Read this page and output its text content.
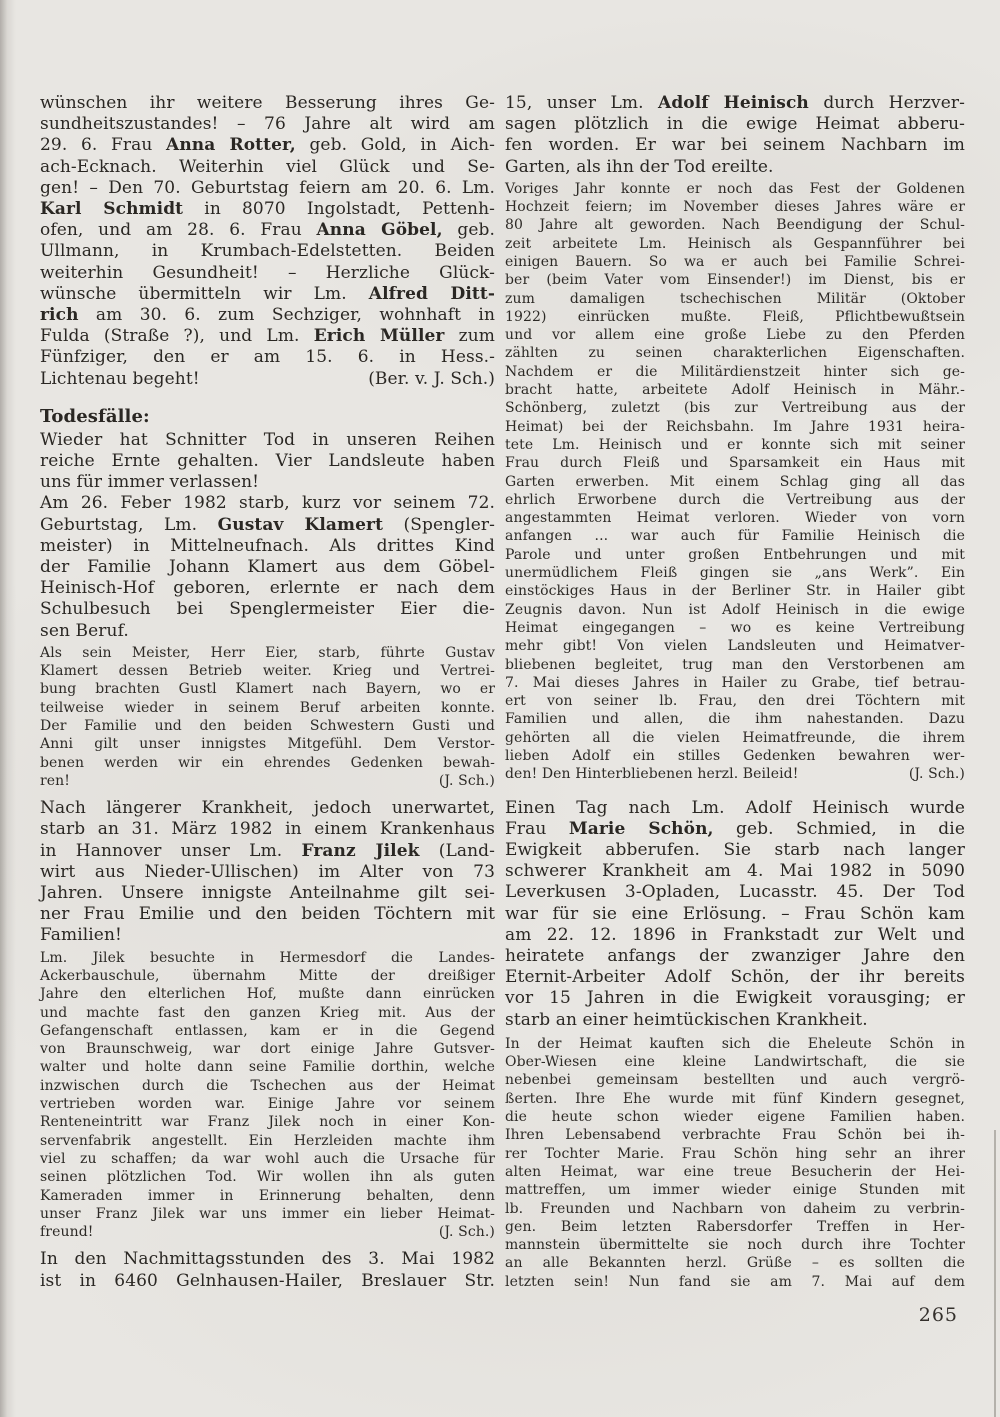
wünschen ihr weitere Besserung ihres Ge-
sundheitszustandes! – 76 Jahre alt wird am
29. 6. Frau Anna Rotter, geb. Gold, in Aich-
ach-Ecknach. Weiterhin viel Glück und Se-
gen! – Den 70. Geburtstag feiern am 20. 6. Lm.
Karl Schmidt in 8070 Ingolstadt, Pettenh-
ofen, und am 28. 6. Frau Anna Göbel, geb.
Ullmann, in Krumbach-Edelstetten. Beiden
weiterhin Gesundheit! – Herzliche Glück-
wünsche übermitteln wir Lm. Alfred Ditt-
rich am 30. 6. zum Sechziger, wohnhaft in
Fulda (Straße ?), und Lm. Erich Müller zum
Fünfziger, den er am 15. 6. in Hess.-
Lichtenau begeht!	(Ber. v. J. Sch.)
Todesfälle:
Wieder hat Schnitter Tod in unseren Reihen
reiche Ernte gehalten. Vier Landsleute haben
uns für immer verlassen!
Am 26. Feber 1982 starb, kurz vor seinem 72.
Geburtstag, Lm. Gustav Klamert (Spengler-
meister) in Mittelneufnach. Als drittes Kind
der Familie Johann Klamert aus dem Göbel-
Heinisch-Hof geboren, erlernte er nach dem
Schulbesuch bei Spenglermeister Eier die-
sen Beruf.
Als sein Meister, Herr Eier, starb, führte Gustav
Klamert dessen Betrieb weiter. Krieg und Vertrei-
bung brachten Gustl Klamert nach Bayern, wo er
teilweise wieder in seinem Beruf arbeiten konnte.
Der Familie und den beiden Schwestern Gusti und
Anni gilt unser innigstes Mitgefühl. Dem Verstor-
benen werden wir ein ehrendes Gedenken bewah-
ren!	(J. Sch.)
Nach längerer Krankheit, jedoch unerwartet,
starb an 31. März 1982 in einem Krankenhaus
in Hannover unser Lm. Franz Jilek (Land-
wirt aus Nieder-Ullischen) im Alter von 73
Jahren. Unsere innigste Anteilnahme gilt sei-
ner Frau Emilie und den beiden Töchtern mit
Familien!
Lm. Jilek besuchte in Hermesdorf die Landes-
Ackerbauschule, übernahm Mitte der dreißiger
Jahre den elterlichen Hof, mußte dann einrücken
und machte fast den ganzen Krieg mit. Aus der
Gefangenschaft entlassen, kam er in die Gegend
von Braunschweig, war dort einige Jahre Gutsver-
walter und holte dann seine Familie dorthin, welche
inzwischen durch die Tschechen aus der Heimat
vertrieben worden war. Einige Jahre vor seinem
Renteneintritt war Franz Jilek noch in einer Kon-
servenfabrik angestellt. Ein Herzleiden machte ihm
viel zu schaffen; da war wohl auch die Ursache für
seinen plötzlichen Tod. Wir wollen ihn als guten
Kameraden immer in Erinnerung behalten, denn
unser Franz Jilek war uns immer ein lieber Heimat-
freund!	(J. Sch.)
In den Nachmittagsstunden des 3. Mai 1982
ist in 6460 Gelnhausen-Hailer, Breslauer Str.
15, unser Lm. Adolf Heinisch durch Herzver-
sagen plötzlich in die ewige Heimat abberu-
fen worden. Er war bei seinem Nachbarn im
Garten, als ihn der Tod ereilte.
Voriges Jahr konnte er noch das Fest der Goldenen
Hochzeit feiern; im November dieses Jahres wäre er
80 Jahre alt geworden. Nach Beendigung der Schul-
zeit arbeitete Lm. Heinisch als Gespannführer bei
einigen Bauern. So wa er auch bei Familie Schrei-
ber (beim Vater vom Einsender!) im Dienst, bis er
zum damaligen tschechischen Militär (Oktober
1922) einrücken mußte. Fleiß, Pflichtbewußtsein
und vor allem eine große Liebe zu den Pferden
zählten zu seinen charakterlichen Eigenschaften.
Nachdem er die Militärdienstzeit hinter sich ge-
bracht hatte, arbeitete Adolf Heinisch in Mähr.-
Schönberg, zuletzt (bis zur Vertreibung aus der
Heimat) bei der Reichsbahn. Im Jahre 1931 heira-
tete Lm. Heinisch und er konnte sich mit seiner
Frau durch Fleiß und Sparsamkeit ein Haus mit
Garten erwerben. Mit einem Schlag ging all das
ehrlich Erworbene durch die Vertreibung aus der
angestammten Heimat verloren. Wieder von vorn
anfangen ... war auch für Familie Heinisch die
Parole und unter großen Entbehrungen und mit
unermüdlichem Fleiß gingen sie „ans Werk”. Ein
einstöckiges Haus in der Berliner Str. in Hailer gibt
Zeugnis davon. Nun ist Adolf Heinisch in die ewige
Heimat eingegangen – wo es keine Vertreibung
mehr gibt! Von vielen Landsleuten und Heimatver-
bliebenen begleitet, trug man den Verstorbenen am
7. Mai dieses Jahres in Hailer zu Grabe, tief betrau-
ert von seiner lb. Frau, den drei Töchtern mit
Familien und allen, die ihm nahestanden. Dazu
gehörten all die vielen Heimatfreunde, die ihrem
lieben Adolf ein stilles Gedenken bewahren wer-
den! Den Hinterbliebenen herzl. Beileid!	(J. Sch.)
Einen Tag nach Lm. Adolf Heinisch wurde
Frau Marie Schön, geb. Schmied, in die
Ewigkeit abberufen. Sie starb nach langer
schwerer Krankheit am 4. Mai 1982 in 5090
Leverkusen 3-Opladen, Lucasstr. 45. Der Tod
war für sie eine Erlösung. – Frau Schön kam
am 22. 12. 1896 in Frankstadt zur Welt und
heiratete anfangs der zwanziger Jahre den
Eternit-Arbeiter Adolf Schön, der ihr bereits
vor 15 Jahren in die Ewigkeit vorausging; er
starb an einer heimtückischen Krankheit.
In der Heimat kauften sich die Eheleute Schön in
Ober-Wiesen eine kleine Landwirtschaft, die sie
nebenbei gemeinsam bestellten und auch vergrö-
ßerten. Ihre Ehe wurde mit fünf Kindern gesegnet,
die heute schon wieder eigene Familien haben.
Ihren Lebensabend verbrachte Frau Schön bei ih-
rer Tochter Marie. Frau Schön hing sehr an ihrer
alten Heimat, war eine treue Besucherin der Hei-
mattreffen, um immer wieder einige Stunden mit
lb. Freunden und Nachbarn von daheim zu verbrin-
gen. Beim letzten Rabersdorfer Treffen in Her-
mannstein übermittelte sie noch durch ihre Tochter
an alle Bekannten herzl. Grüße – es sollten die
letzten sein! Nun fand sie am 7. Mai auf dem
265
